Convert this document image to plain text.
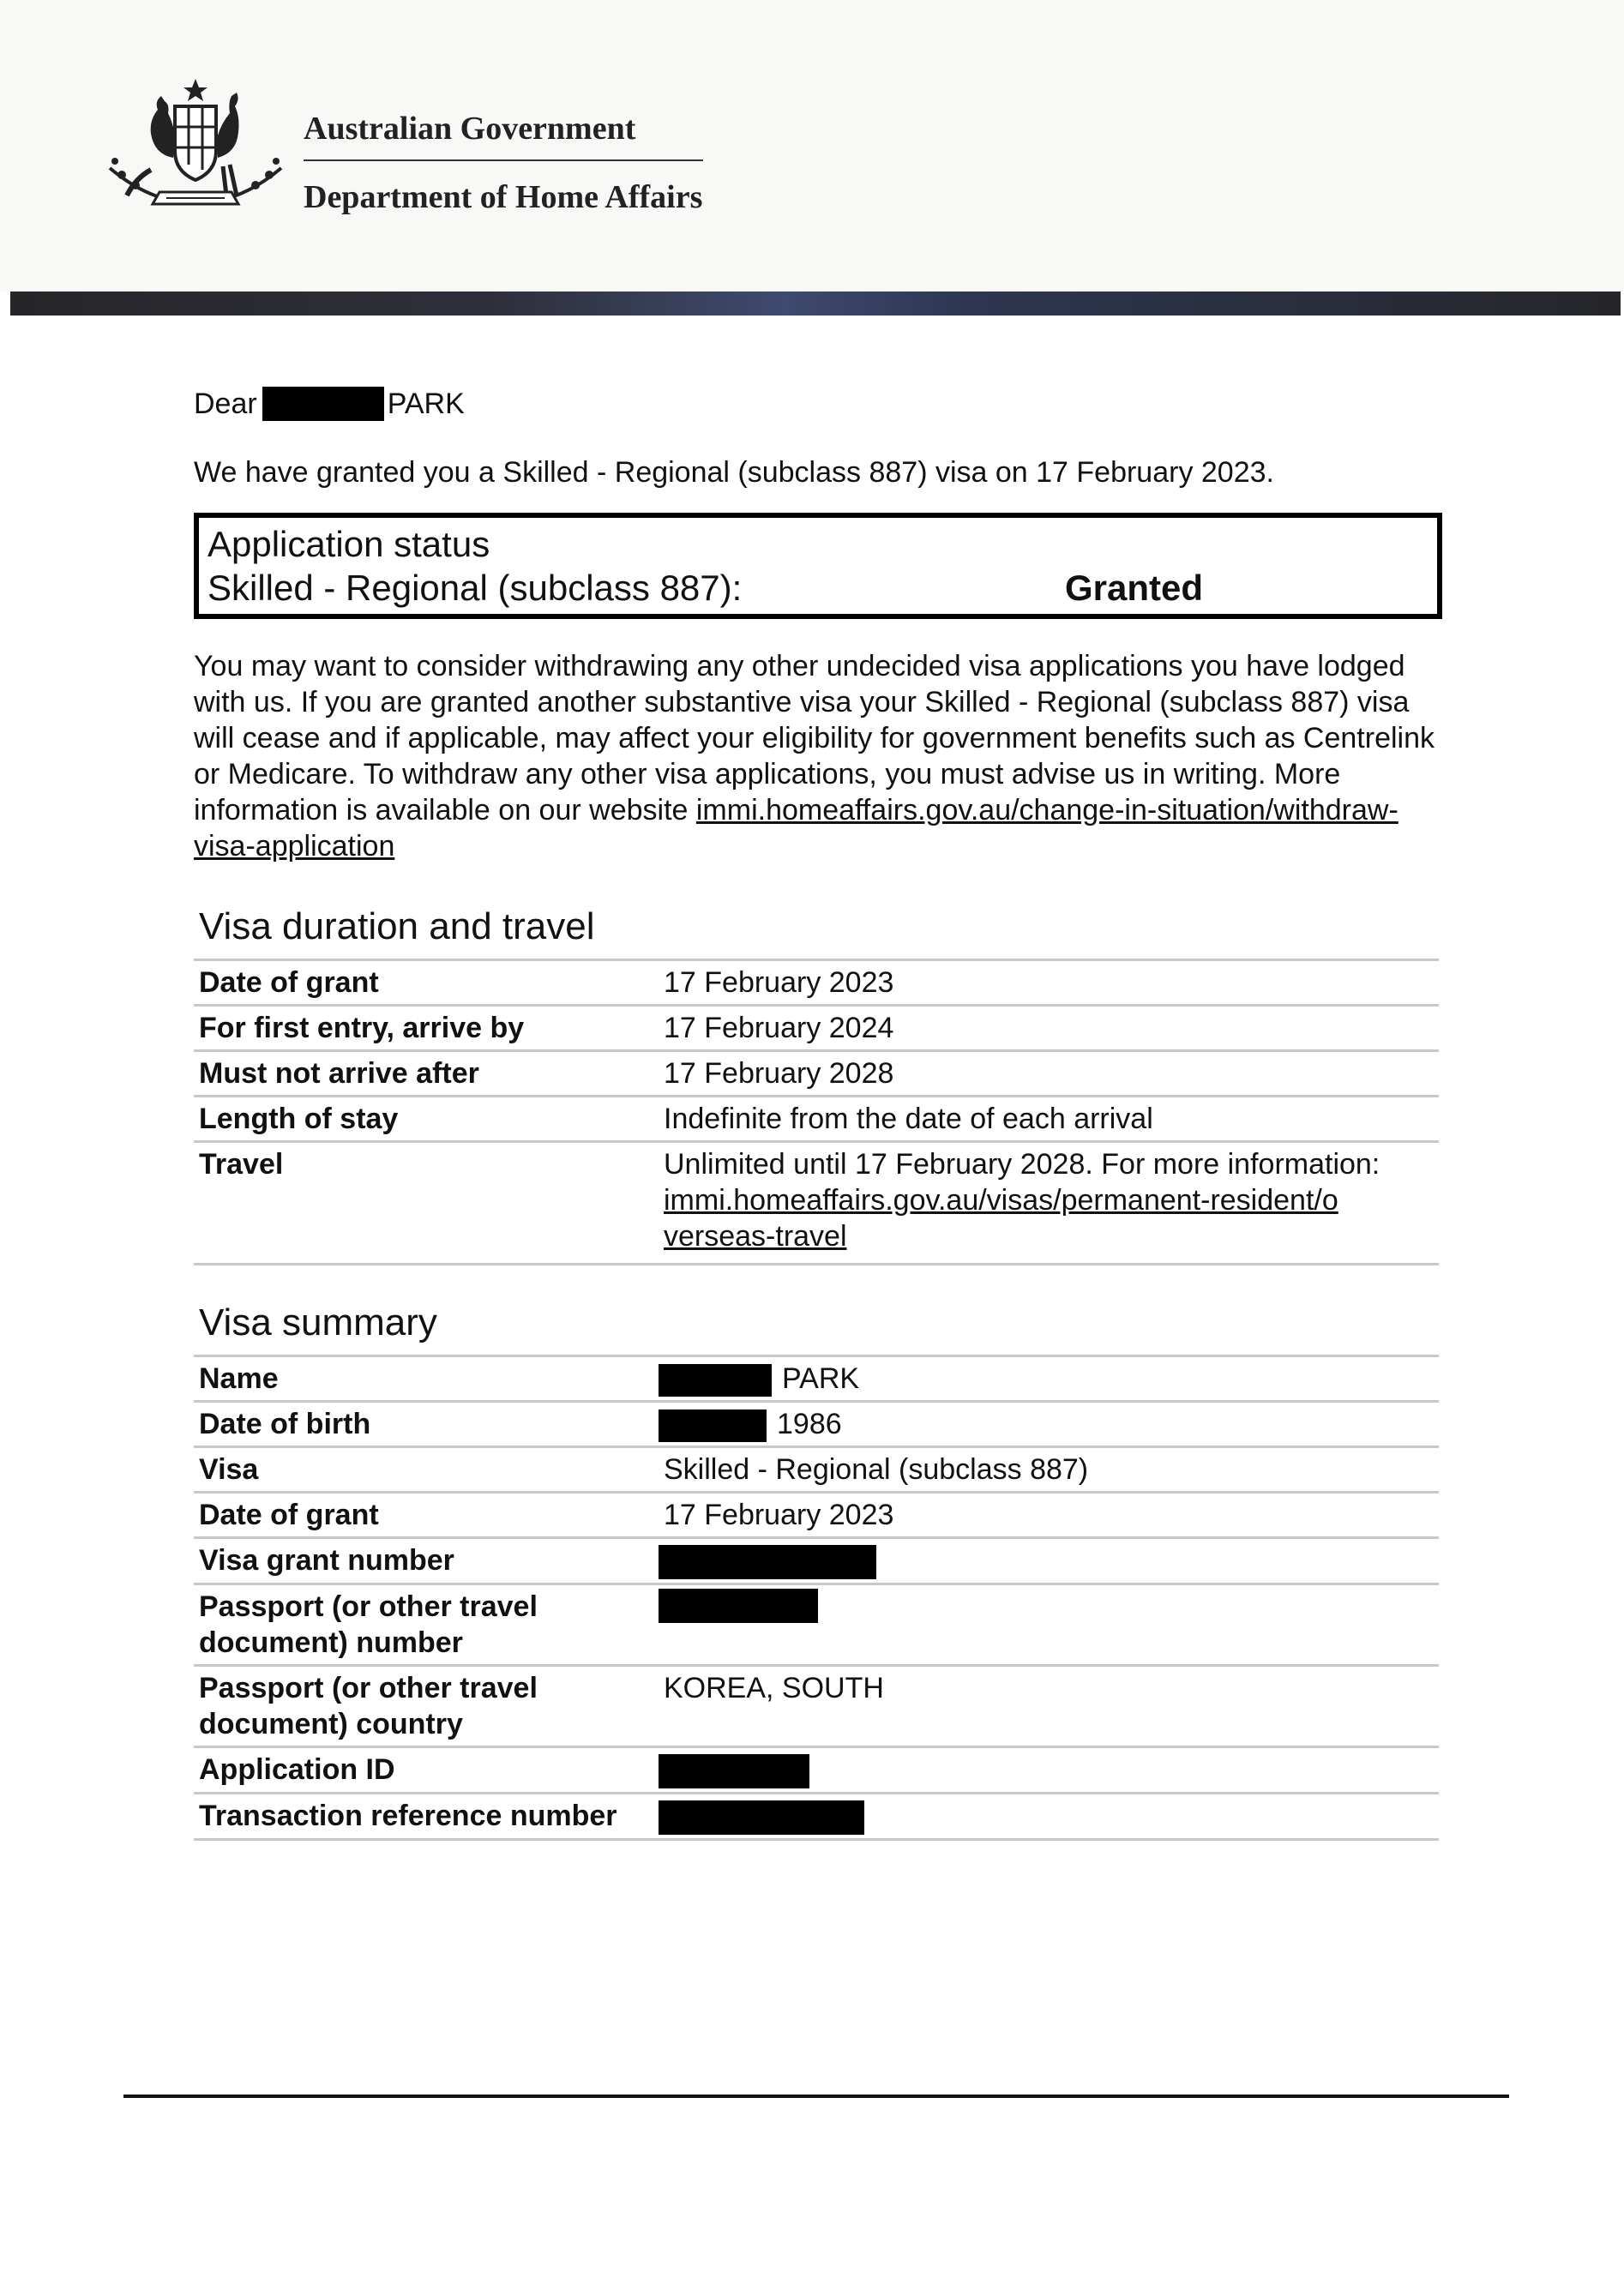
Australian Government
Department of Home Affairs
Dear	PARK
We have granted you a Skilled - Regional (subclass 887) visa on 17 February 2023.
Application status
Skilled - Regional (subclass 887):	Granted
You may want to consider withdrawing any other undecided visa applications you have lodged with us. If you are granted another substantive visa your Skilled - Regional (subclass 887) visa will cease and if applicable, may affect your eligibility for government benefits such as Centrelink or Medicare. To withdraw any other visa applications, you must advise us in writing. More information is available on our website immi.homeaffairs.gov.au/change-in-situation/withdraw-visa-application
Visa duration and travel
Date of grant	17 February 2023
For first entry, arrive by	17 February 2024
Must not arrive after	17 February 2028
Length of stay	Indefinite from the date of each arrival
Travel	Unlimited until 17 February 2028. For more information:
immi.homeaffairs.gov.au/visas/permanent-resident/overseas-travel
Visa summary
Name	PARK
Date of birth	1986
Visa	Skilled - Regional (subclass 887)
Date of grant	17 February 2023
Visa grant number	
Passport (or other travel document) number	
Passport (or other travel document) country	KOREA, SOUTH
Application ID	
Transaction reference number	
